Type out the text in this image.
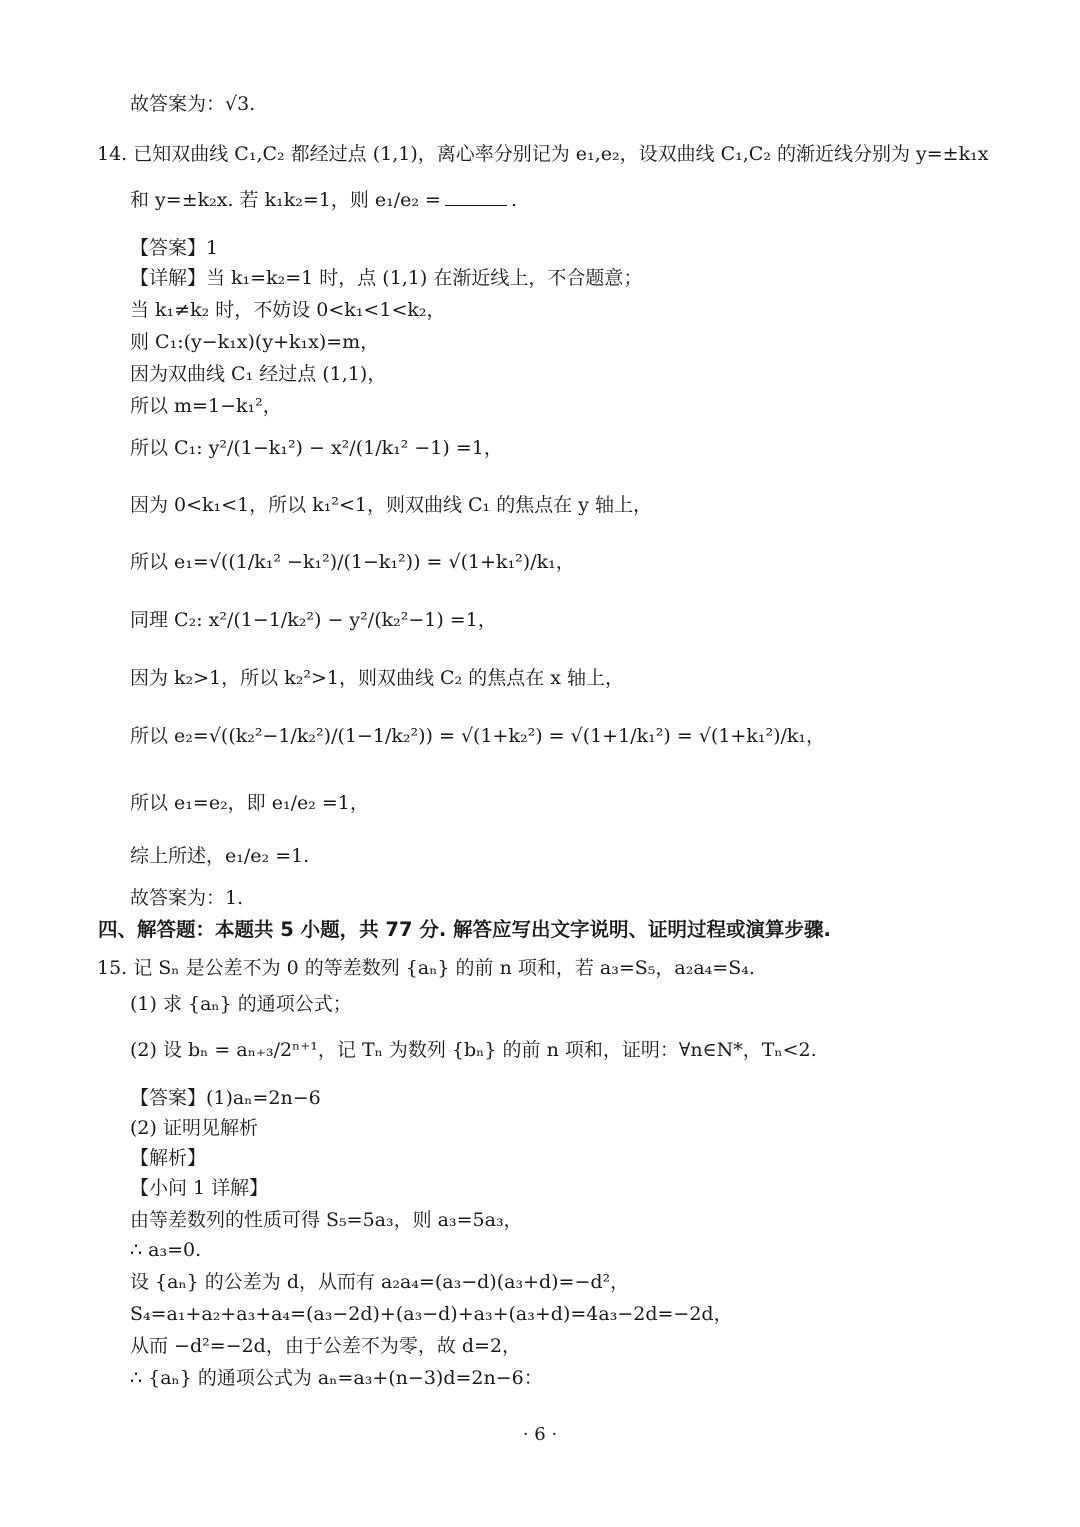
故答案为：√3.
14. 已知双曲线 C₁,C₂ 都经过点 (1,1)，离心率分别记为 e₁,e₂，设双曲线 C₁,C₂ 的渐近线分别为 y=±k₁x
和 y=±k₂x. 若 k₁k₂=1，则 e₁/e₂ =	.
【答案】1
【详解】当 k₁=k₂=1 时，点 (1,1) 在渐近线上，不合题意；
当 k₁≠k₂ 时，不妨设 0<k₁<1<k₂，
则 C₁:(y−k₁x)(y+k₁x)=m，
因为双曲线 C₁ 经过点 (1,1)，
所以 m=1−k₁²，
所以 C₁: y²/(1−k₁²) − x²/(1/k₁² −1) =1，
因为 0<k₁<1，所以 k₁²<1，则双曲线 C₁ 的焦点在 y 轴上，
所以 e₁=√((1/k₁² −k₁²)/(1−k₁²)) = √(1+k₁²)/k₁，
同理 C₂: x²/(1−1/k₂²) − y²/(k₂²−1) =1，
因为 k₂>1，所以 k₂²>1，则双曲线 C₂ 的焦点在 x 轴上，
所以 e₂=√((k₂²−1/k₂²)/(1−1/k₂²)) = √(1+k₂²) = √(1+1/k₁²) = √(1+k₁²)/k₁，
所以 e₁=e₂，即 e₁/e₂ =1，
综上所述，e₁/e₂ =1.
故答案为：1.
四、解答题：本题共 5 小题，共 77 分. 解答应写出文字说明、证明过程或演算步骤.
15. 记 Sₙ 是公差不为 0 的等差数列 {aₙ} 的前 n 项和，若 a₃=S₅，a₂a₄=S₄.
(1) 求 {aₙ} 的通项公式；
(2) 设 bₙ = aₙ₊₃/2ⁿ⁺¹，记 Tₙ 为数列 {bₙ} 的前 n 项和，证明：∀n∈N*，Tₙ<2.
【答案】(1)aₙ=2n−6
(2) 证明见解析
【解析】
【小问 1 详解】
由等差数列的性质可得 S₅=5a₃，则 a₃=5a₃，
∴ a₃=0.
设 {aₙ} 的公差为 d，从而有 a₂a₄=(a₃−d)(a₃+d)=−d²，
S₄=a₁+a₂+a₃+a₄=(a₃−2d)+(a₃−d)+a₃+(a₃+d)=4a₃−2d=−2d，
从而 −d²=−2d，由于公差不为零，故 d=2，
∴ {aₙ} 的通项公式为 aₙ=a₃+(n−3)d=2n−6：
· 6 ·
